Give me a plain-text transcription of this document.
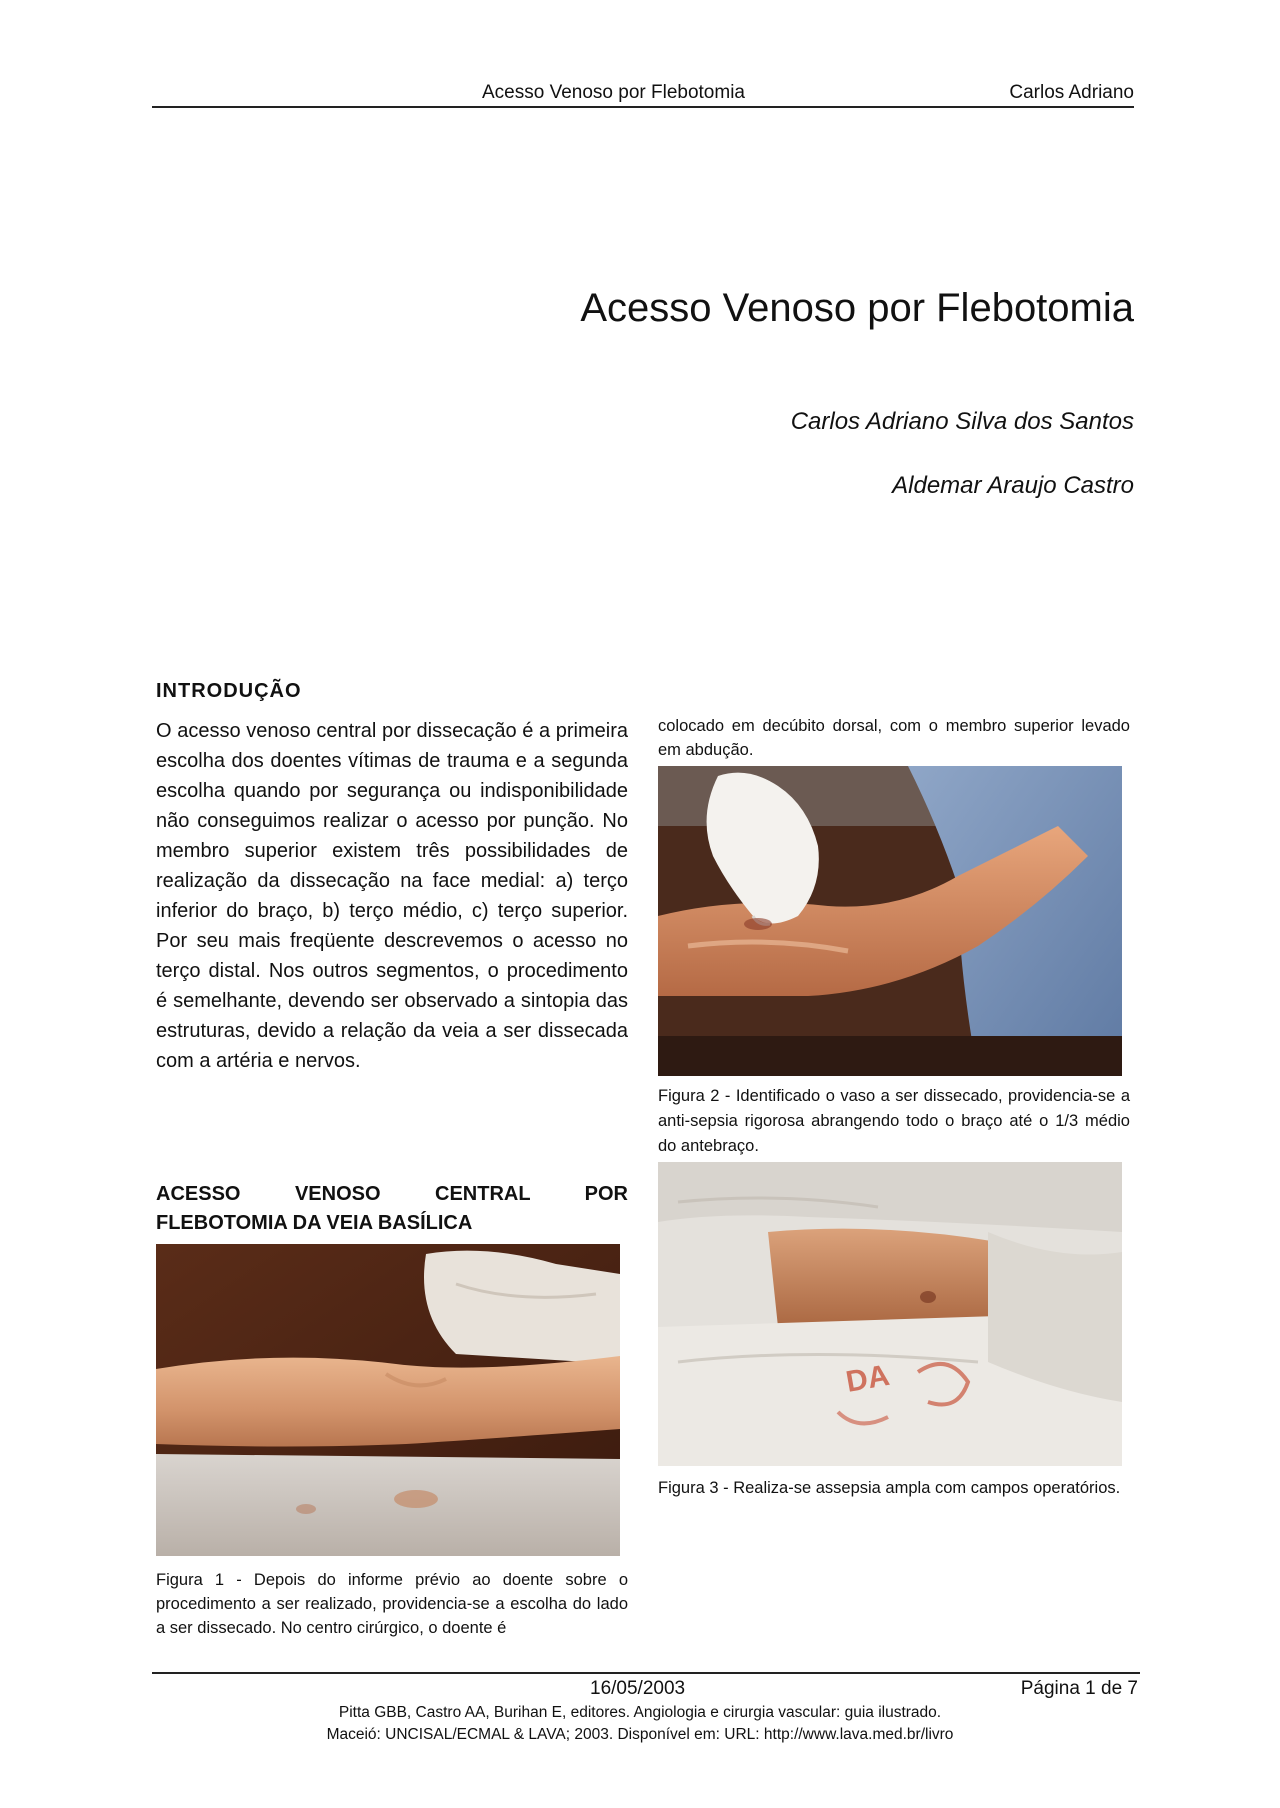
Acesso Venoso por Flebotomia	Carlos Adriano
Acesso Venoso por Flebotomia
Carlos Adriano Silva dos Santos
Aldemar Araujo Castro
INTRODUÇÃO

O acesso venoso central por dissecação é a primeira escolha dos doentes vítimas de trauma e a segunda escolha quando por segurança ou indisponibilidade não conseguimos realizar o acesso por punção. No membro superior existem três possibilidades de realização da dissecação na face medial: a) terço inferior do braço, b) terço médio, c) terço superior. Por seu mais freqüente descrevemos o acesso no terço distal. Nos outros segmentos, o procedimento é semelhante, devendo ser observado a sintopia das estruturas, devido a relação da veia a ser dissecada com a artéria e nervos.

ACESSO VENOSO CENTRAL POR
FLEBOTOMIA DA VEIA BASÍLICA

Figura 1 - Depois do informe prévio ao doente sobre o procedimento a ser realizado, providencia-se a escolha do lado a ser dissecado. No centro cirúrgico, o doente é

colocado em decúbito dorsal, com o membro superior levado em abdução.

Figura 2 - Identificado o vaso a ser dissecado, providencia-se a anti-sepsia rigorosa abrangendo todo o braço até o 1/3 médio do antebraço.

DA

Figura 3 - Realiza-se assepsia ampla com campos operatórios.

16/05/2003	Página 1 de 7
Pitta GBB, Castro AA, Burihan E, editores. Angiologia e cirurgia vascular: guia ilustrado.
Maceió: UNCISAL/ECMAL & LAVA; 2003. Disponível em: URL: http://www.lava.med.br/livro
